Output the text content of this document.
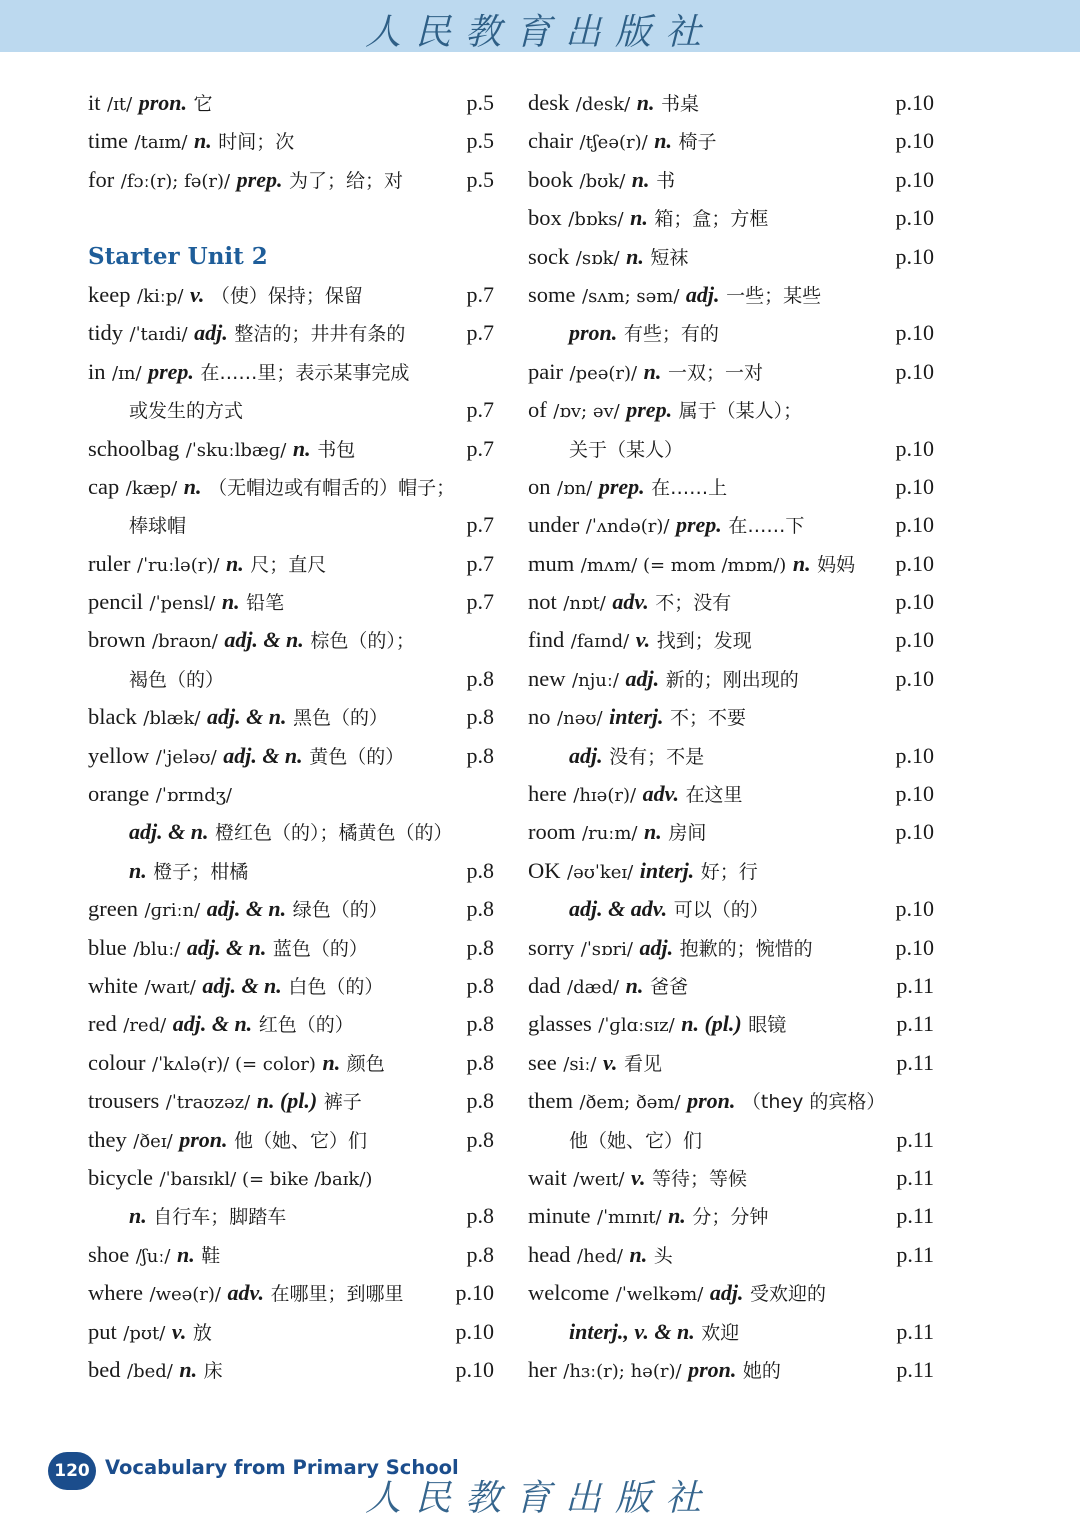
人民教育出版社
it /ɪt/ pron. 它	p.5
time /taɪm/ n. 时间；次	p.5
for /fɔː(r); fə(r)/ prep. 为了；给；对	p.5
Starter Unit 2
keep /kiːp/ v. （使）保持；保留	p.7
tidy /ˈtaɪdi/ adj. 整洁的；井井有条的	p.7
in /ɪn/ prep. 在……里；表示某事完成
或发生的方式	p.7
schoolbag /ˈskuːlbæɡ/ n. 书包	p.7
cap /kæp/ n. （无帽边或有帽舌的）帽子；
棒球帽	p.7
ruler /ˈruːlə(r)/ n. 尺；直尺	p.7
pencil /ˈpensl/ n. 铅笔	p.7
brown /braʊn/ adj. & n. 棕色（的）；
褐色（的）	p.8
black /blæk/ adj. & n. 黑色（的）	p.8
yellow /ˈjeləʊ/ adj. & n. 黄色（的）	p.8
orange /ˈɒrɪndʒ/
adj. & n. 橙红色（的）；橘黄色（的）
n. 橙子；柑橘	p.8
green /ɡriːn/ adj. & n. 绿色（的）	p.8
blue /bluː/ adj. & n. 蓝色（的）	p.8
white /waɪt/ adj. & n. 白色（的）	p.8
red /red/ adj. & n. 红色（的）	p.8
colour /ˈkʌlə(r)/ (= color) n. 颜色	p.8
trousers /ˈtraʊzəz/ n. (pl.) 裤子	p.8
they /ðeɪ/ pron. 他（她、它）们	p.8
bicycle /ˈbaɪsɪkl/ (= bike /baɪk/)
n. 自行车；脚踏车	p.8
shoe /ʃuː/ n. 鞋	p.8
where /weə(r)/ adv. 在哪里；到哪里 p.10
put /pʊt/ v. 放	p.10
bed /bed/ n. 床	p.10
desk /desk/ n. 书桌	p.10
chair /tʃeə(r)/ n. 椅子	p.10
book /bʊk/ n. 书	p.10
box /bɒks/ n. 箱；盒；方框	p.10
sock /sɒk/ n. 短袜	p.10
some /sʌm; səm/ adj. 一些；某些
pron. 有些；有的	p.10
pair /peə(r)/ n. 一双；一对	p.10
of /ɒv; əv/ prep. 属于（某人）；
关于（某人）	p.10
on /ɒn/ prep. 在……上	p.10
under /ˈʌndə(r)/ prep. 在……下	p.10
mum /mʌm/ (= mom /mɒm/) n. 妈妈 p.10
not /nɒt/ adv. 不；没有	p.10
find /faɪnd/ v. 找到；发现	p.10
new /njuː/ adj. 新的；刚出现的	p.10
no /nəʊ/ interj. 不；不要
adj. 没有；不是	p.10
here /hɪə(r)/ adv. 在这里	p.10
room /ruːm/ n. 房间	p.10
OK /əʊˈkeɪ/ interj. 好；行
adj. & adv. 可以（的）	p.10
sorry /ˈsɒri/ adj. 抱歉的；惋惜的	p.10
dad /dæd/ n. 爸爸	p.11
glasses /ˈɡlɑːsɪz/ n. (pl.) 眼镜	p.11
see /siː/ v. 看见	p.11
them /ðem; ðəm/ pron. （they 的宾格）
他（她、它）们	p.11
wait /weɪt/ v. 等待；等候	p.11
minute /ˈmɪnɪt/ n. 分；分钟	p.11
head /hed/ n. 头	p.11
welcome /ˈwelkəm/ adj. 受欢迎的
interj., v. & n. 欢迎	p.11
her /hɜː(r); hə(r)/ pron. 她的	p.11
120 Vocabulary from Primary School
人民教育出版社
